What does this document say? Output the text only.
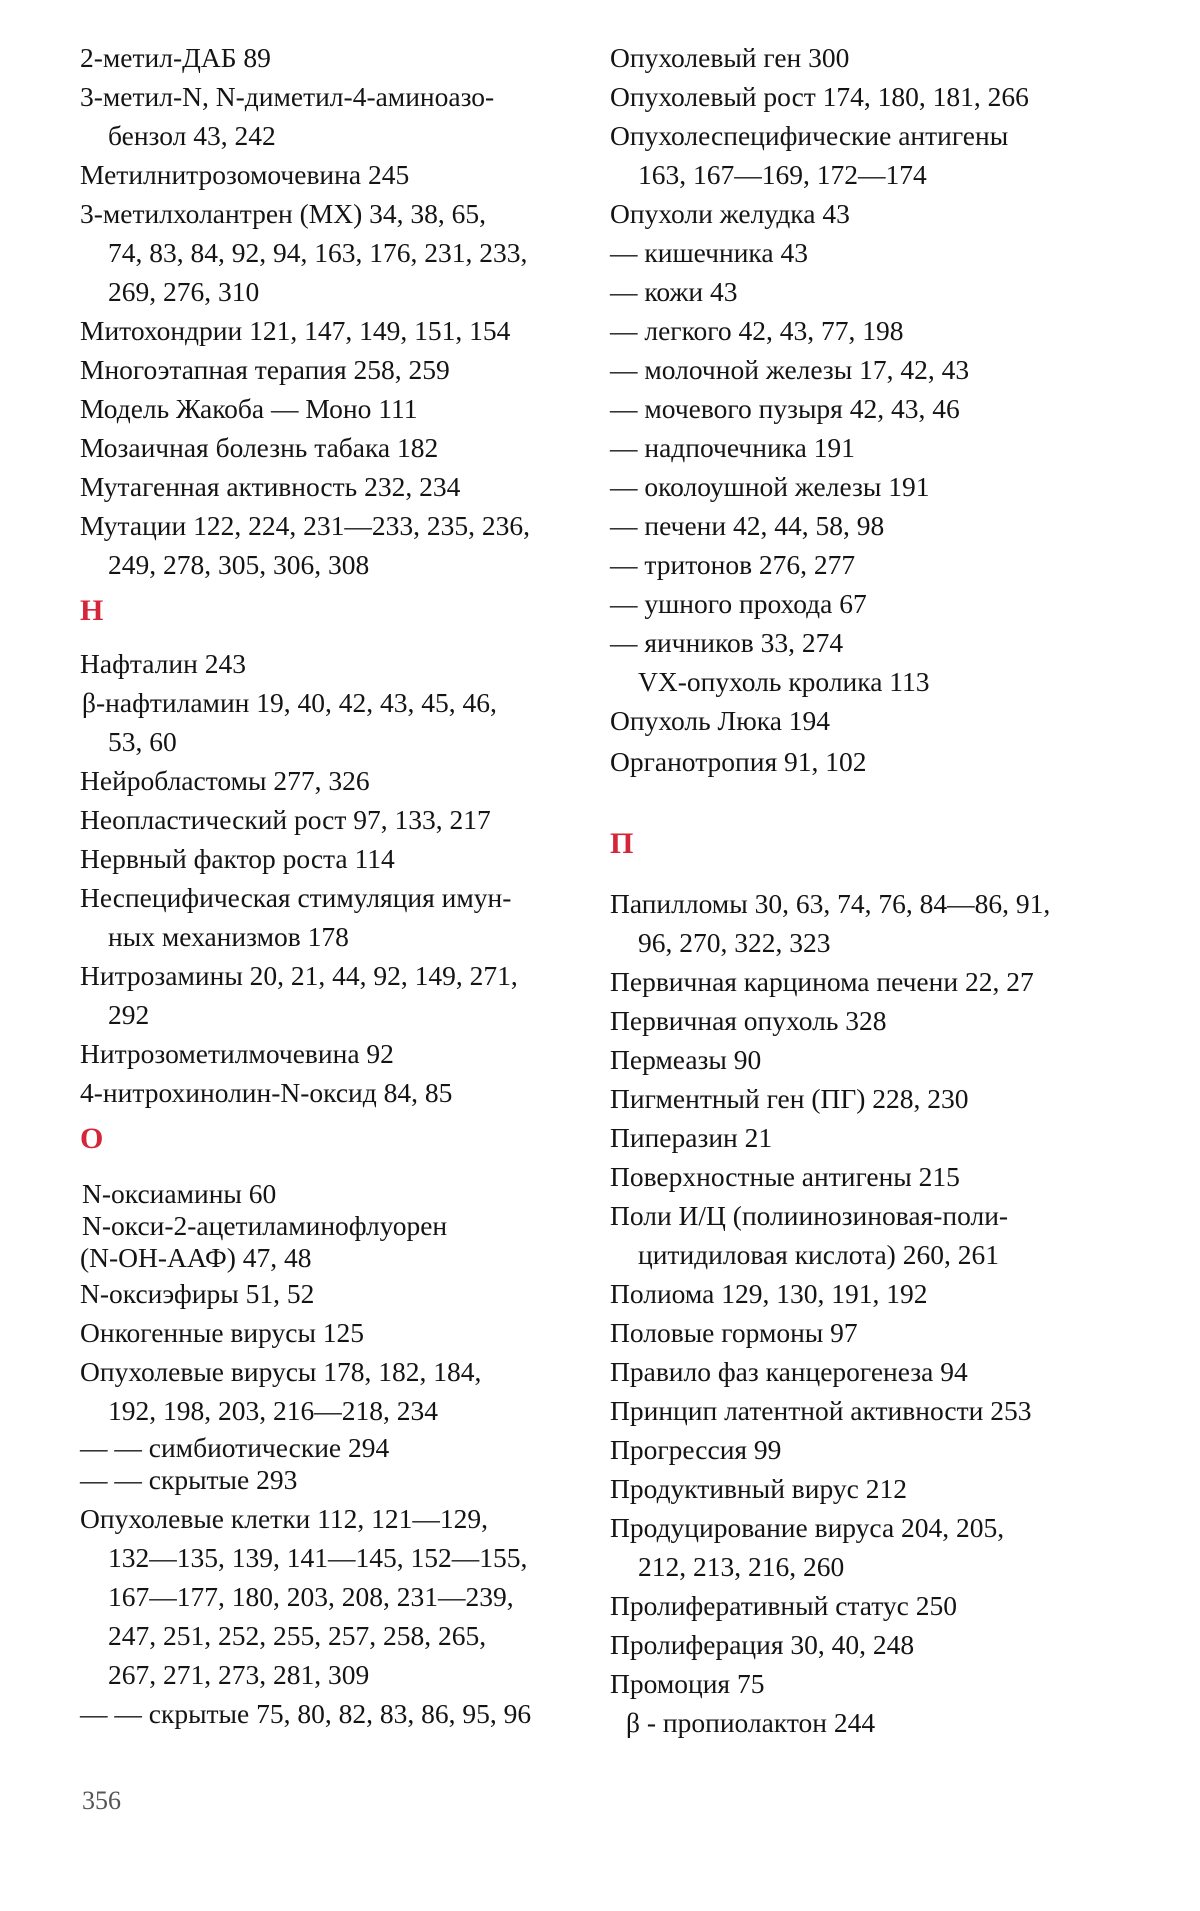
2-метил-ДАБ 89
3-метил-N, N-диметил-4-аминоазо-
бензол 43, 242
Метилнитрозомочевина 245
3-метилхолантрен (МХ) 34, 38, 65,
74, 83, 84, 92, 94, 163, 176, 231, 233,
269, 276, 310
Митохондрии 121, 147, 149, 151, 154
Многоэтапная терапия 258, 259
Модель Жакоба — Моно 111
Мозаичная болезнь табака 182
Мутагенная активность 232, 234
Мутации 122, 224, 231—233, 235, 236,
249, 278, 305, 306, 308
Н
Нафталин 243
β-нафтиламин 19, 40, 42, 43, 45, 46,
53, 60
Нейробластомы 277, 326
Неопластический рост 97, 133, 217
Нервный фактор роста 114
Неспецифическая стимуляция имун-
ных механизмов 178
Нитрозамины 20, 21, 44, 92, 149, 271,
292
Нитрозометилмочевина 92
4-нитрохинолин-N-оксид 84, 85
О
N-оксиамины 60
N-окси-2-ацетиламинофлуорен
(N-OH-ААФ) 47, 48
N-оксиэфиры 51, 52
Онкогенные вирусы 125
Опухолевые вирусы 178, 182, 184,
192, 198, 203, 216—218, 234
— — симбиотические 294
— — скрытые 293
Опухолевые клетки 112, 121—129,
132—135, 139, 141—145, 152—155,
167—177, 180, 203, 208, 231—239,
247, 251, 252, 255, 257, 258, 265,
267, 271, 273, 281, 309
— — скрытые 75, 80, 82, 83, 86, 95, 96
Опухолевый ген 300
Опухолевый рост 174, 180, 181, 266
Опухолеспецифические антигены
163, 167—169, 172—174
Опухоли желудка 43
— кишечника 43
— кожи 43
— легкого 42, 43, 77, 198
— молочной железы 17, 42, 43
— мочевого пузыря 42, 43, 46
— надпочечника 191
— околоушной железы 191
— печени 42, 44, 58, 98
— тритонов 276, 277
— ушного прохода 67
— яичников 33, 274
VX-опухоль кролика 113
Опухоль Люка 194
Органотропия 91, 102
П
Папилломы 30, 63, 74, 76, 84—86, 91,
96, 270, 322, 323
Первичная карцинома печени 22, 27
Первичная опухоль 328
Пермеазы 90
Пигментный ген (ПГ) 228, 230
Пиперазин 21
Поверхностные антигены 215
Поли И/Ц (полиинозиновая-поли-
цитидиловая кислота) 260, 261
Полиома 129, 130, 191, 192
Половые гормоны 97
Правило фаз канцерогенеза 94
Принцип латентной активности 253
Прогрессия 99
Продуктивный вирус 212
Продуцирование вируса 204, 205,
212, 213, 216, 260
Пролиферативный статус 250
Пролиферация 30, 40, 248
Промоция 75
β - пропиолактон 244
356
